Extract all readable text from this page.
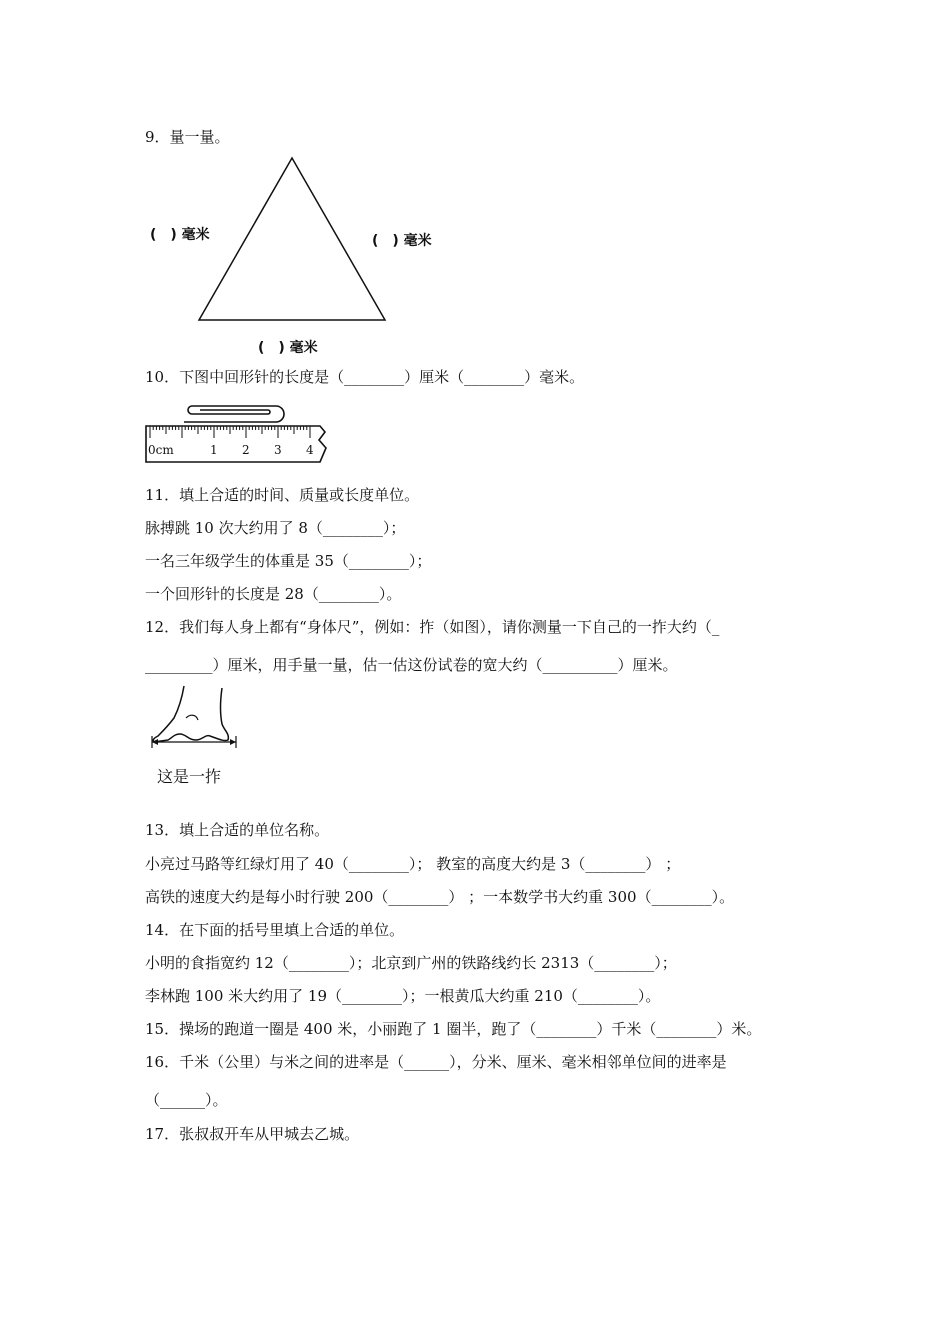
9．量一量。
(　) 毫米	(　) 毫米
(　) 毫米
10．下图中回形针的长度是（________）厘米（________）毫米。
0cm	1 2 3 4
11．填上合适的时间、质量或长度单位。
脉搏跳 10 次大约用了 8（________）；
一名三年级学生的体重是 35（________）；
一个回形针的长度是 28（________）。
12．我们每人身上都有“身体尺”，例如：拃（如图），请你测量一下自己的一拃大约（_
_________）厘米，用手量一量，估一估这份试卷的宽大约（__________）厘米。
这是一拃
13．填上合适的单位名称。
小亮过马路等红绿灯用了 40（________）； 教室的高度大约是 3（________） ；
高铁的速度大约是每小时行驶 200（________） ；一本数学书大约重 300（________）。
14．在下面的括号里填上合适的单位。
小明的食指宽约 12（________）；北京到广州的铁路线约长 2313（________）；
李林跑 100 米大约用了 19（________）；一根黄瓜大约重 210（________）。
15．操场的跑道一圈是 400 米，小丽跑了 1 圈半，跑了（________）千米（________）米。
16．千米（公里）与米之间的进率是（______），分米、厘米、毫米相邻单位间的进率是
（______）。
17．张叔叔开车从甲城去乙城。
